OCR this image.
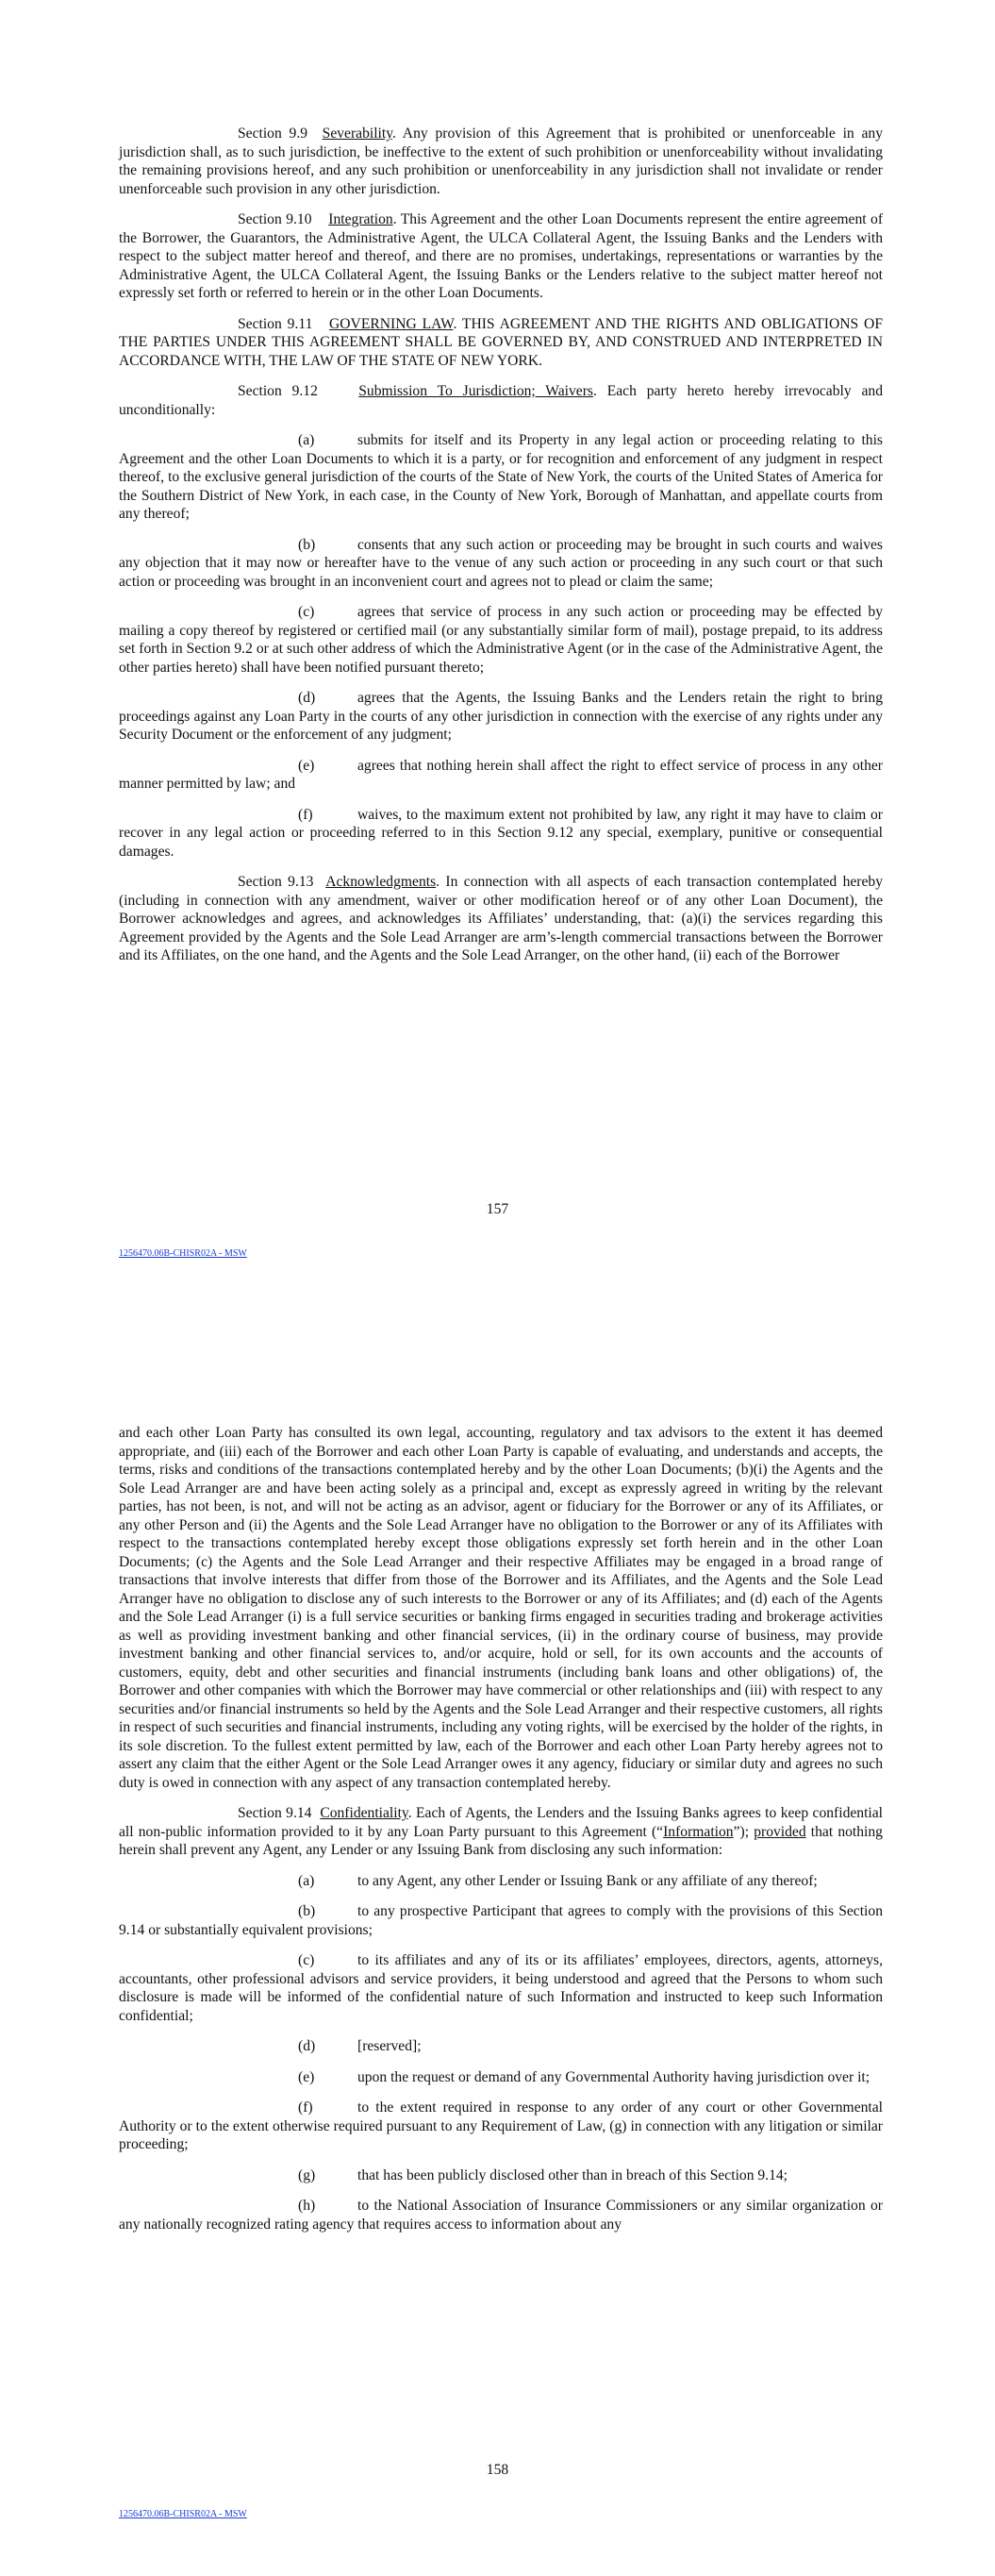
Section 9.9 Severability. Any provision of this Agreement that is prohibited or unenforceable in any jurisdiction shall, as to such jurisdiction, be ineffective to the extent of such prohibition or unenforceability without invalidating the remaining provisions hereof, and any such prohibition or unenforceability in any jurisdiction shall not invalidate or render unenforceable such provision in any other jurisdiction.

Section 9.10 Integration. This Agreement and the other Loan Documents represent the entire agreement of the Borrower, the Guarantors, the Administrative Agent, the ULCA Collateral Agent, the Issuing Banks and the Lenders with respect to the subject matter hereof and thereof, and there are no promises, undertakings, representations or warranties by the Administrative Agent, the ULCA Collateral Agent, the Issuing Banks or the Lenders relative to the subject matter hereof not expressly set forth or referred to herein or in the other Loan Documents.

Section 9.11 GOVERNING LAW. THIS AGREEMENT AND THE RIGHTS AND OBLIGATIONS OF THE PARTIES UNDER THIS AGREEMENT SHALL BE GOVERNED BY, AND CONSTRUED AND INTERPRETED IN ACCORDANCE WITH, THE LAW OF THE STATE OF NEW YORK.

Section 9.12	Submission To Jurisdiction; Waivers. Each party hereto hereby irrevocably and unconditionally:

(a)	submits for itself and its Property in any legal action or proceeding relating to this Agreement and the other Loan Documents to which it is a party, or for recognition and enforcement of any judgment in respect thereof, to the exclusive general jurisdiction of the courts of the State of New York, the courts of the United States of America for the Southern District of New York, in each case, in the County of New York, Borough of Manhattan, and appellate courts from any thereof;

(b)	consents that any such action or proceeding may be brought in such courts and waives any objection that it may now or hereafter have to the venue of any such action or proceeding in any such court or that such action or proceeding was brought in an inconvenient court and agrees not to plead or claim the same;

(c)	agrees that service of process in any such action or proceeding may be effected by mailing a copy thereof by registered or certified mail (or any substantially similar form of mail), postage prepaid, to its address set forth in Section 9.2 or at such other address of which the Administrative Agent (or in the case of the Administrative Agent, the other parties hereto) shall have been notified pursuant thereto;

(d)	agrees that the Agents, the Issuing Banks and the Lenders retain the right to bring proceedings against any Loan Party in the courts of any other jurisdiction in connection with the exercise of any rights under any Security Document or the enforcement of any judgment;

(e)	agrees that nothing herein shall affect the right to effect service of process in any other manner permitted by law; and

(f)	waives, to the maximum extent not prohibited by law, any right it may have to claim or recover in any legal action or proceeding referred to in this Section 9.12 any special, exemplary, punitive or consequential damages.

Section 9.13 Acknowledgments. In connection with all aspects of each transaction contemplated hereby (including in connection with any amendment, waiver or other modification hereof or of any other Loan Document), the Borrower acknowledges and agrees, and acknowledges its Affiliates’ understanding, that: (a)(i) the services regarding this Agreement provided by the Agents and the Sole Lead Arranger are arm’s-length commercial transactions between the Borrower and its Affiliates, on the one hand, and the Agents and the Sole Lead Arranger, on the other hand, (ii) each of the Borrower

157
1256470.06B-CHISR02A - MSW

and each other Loan Party has consulted its own legal, accounting, regulatory and tax advisors to the extent it has deemed appropriate, and (iii) each of the Borrower and each other Loan Party is capable of evaluating, and understands and accepts, the terms, risks and conditions of the transactions contemplated hereby and by the other Loan Documents; (b)(i) the Agents and the Sole Lead Arranger are and have been acting solely as a principal and, except as expressly agreed in writing by the relevant parties, has not been, is not, and will not be acting as an advisor, agent or fiduciary for the Borrower or any of its Affiliates, or any other Person and (ii) the Agents and the Sole Lead Arranger have no obligation to the Borrower or any of its Affiliates with respect to the transactions contemplated hereby except those obligations expressly set forth herein and in the other Loan Documents; (c) the Agents and the Sole Lead Arranger and their respective Affiliates may be engaged in a broad range of transactions that involve interests that differ from those of the Borrower and its Affiliates, and the Agents and the Sole Lead Arranger have no obligation to disclose any of such interests to the Borrower or any of its Affiliates; and (d) each of the Agents and the Sole Lead Arranger (i) is a full service securities or banking firms engaged in securities trading and brokerage activities as well as providing investment banking and other financial services, (ii) in the ordinary course of business, may provide investment banking and other financial services to, and/or acquire, hold or sell, for its own accounts and the accounts of customers, equity, debt and other securities and financial instruments (including bank loans and other obligations) of, the Borrower and other companies with which the Borrower may have commercial or other relationships and (iii) with respect to any securities and/or financial instruments so held by the Agents and the Sole Lead Arranger and their respective customers, all rights in respect of such securities and financial instruments, including any voting rights, will be exercised by the holder of the rights, in its sole discretion. To the fullest extent permitted by law, each of the Borrower and each other Loan Party hereby agrees not to assert any claim that the either Agent or the Sole Lead Arranger owes it any agency, fiduciary or similar duty and agrees no such duty is owed in connection with any aspect of any transaction contemplated hereby.

Section 9.14 Confidentiality. Each of Agents, the Lenders and the Issuing Banks agrees to keep confidential all non-public information provided to it by any Loan Party pursuant to this Agreement (“Information”); provided that nothing herein shall prevent any Agent, any Lender or any Issuing Bank from disclosing any such information:

(a)	to any Agent, any other Lender or Issuing Bank or any affiliate of any thereof;

(b)	to any prospective Participant that agrees to comply with the provisions of this Section 9.14 or substantially equivalent provisions;

(c)	to its affiliates and any of its or its affiliates’ employees, directors, agents, attorneys, accountants, other professional advisors and service providers, it being understood and agreed that the Persons to whom such disclosure is made will be informed of the confidential nature of such Information and instructed to keep such Information confidential;

(d)	[reserved];

(e)	upon the request or demand of any Governmental Authority having jurisdiction over it;

(f)	to the extent required in response to any order of any court or other Governmental Authority or to the extent otherwise required pursuant to any Requirement of Law, (g) in connection with any litigation or similar proceeding;

(g)	that has been publicly disclosed other than in breach of this Section 9.14;

(h)	to the National Association of Insurance Commissioners or any similar organization or any nationally recognized rating agency that requires access to information about any

158
1256470.06B-CHISR02A - MSW
